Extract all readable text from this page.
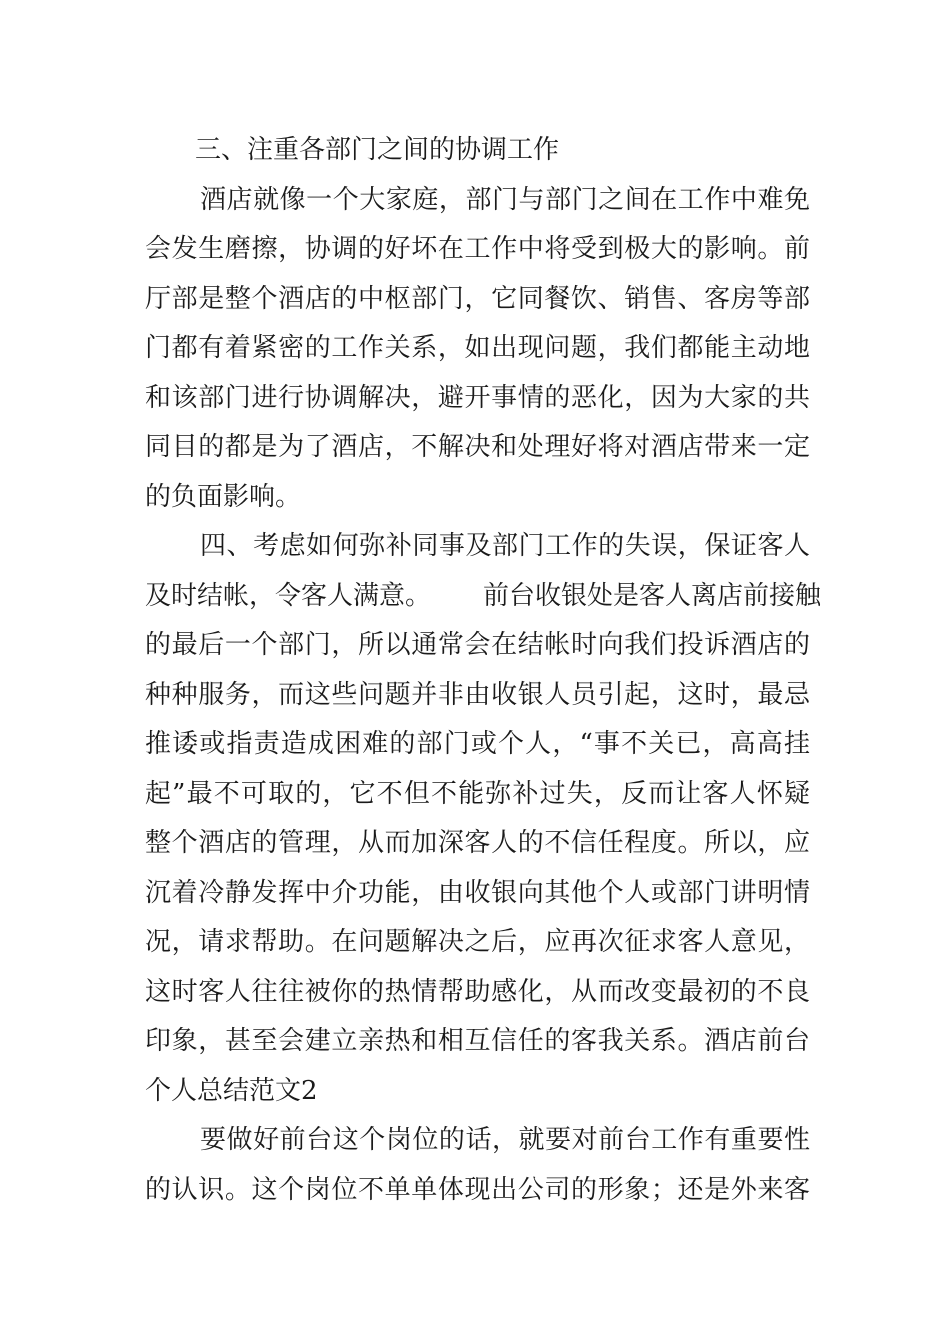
三、注重各部门之间的协调工作
酒店就像一个大家庭，部门与部门之间在工作中难免
会发生磨擦，协调的好坏在工作中将受到极大的影响。前
厅部是整个酒店的中枢部门，它同餐饮、销售、客房等部
门都有着紧密的工作关系，如出现问题，我们都能主动地
和该部门进行协调解决，避开事情的恶化，因为大家的共
同目的都是为了酒店，不解决和处理好将对酒店带来一定
的负面影响。
四、考虑如何弥补同事及部门工作的失误，保证客人
及时结帐，令客人满意。 前台收银处是客人离店前接触
的最后一个部门，所以通常会在结帐时向我们投诉酒店的
种种服务，而这些问题并非由收银人员引起，这时，最忌
推诿或指责造成困难的部门或个人，“事不关已，高高挂
起”最不可取的，它不但不能弥补过失，反而让客人怀疑
整个酒店的管理，从而加深客人的不信任程度。所以，应
沉着冷静发挥中介功能，由收银向其他个人或部门讲明情
况，请求帮助。在问题解决之后，应再次征求客人意见，
这时客人往往被你的热情帮助感化，从而改变最初的不良
印象，甚至会建立亲热和相互信任的客我关系。酒店前台
个人总结范文2
要做好前台这个岗位的话，就要对前台工作有重要性
的认识。这个岗位不单单体现出公司的形象；还是外来客
